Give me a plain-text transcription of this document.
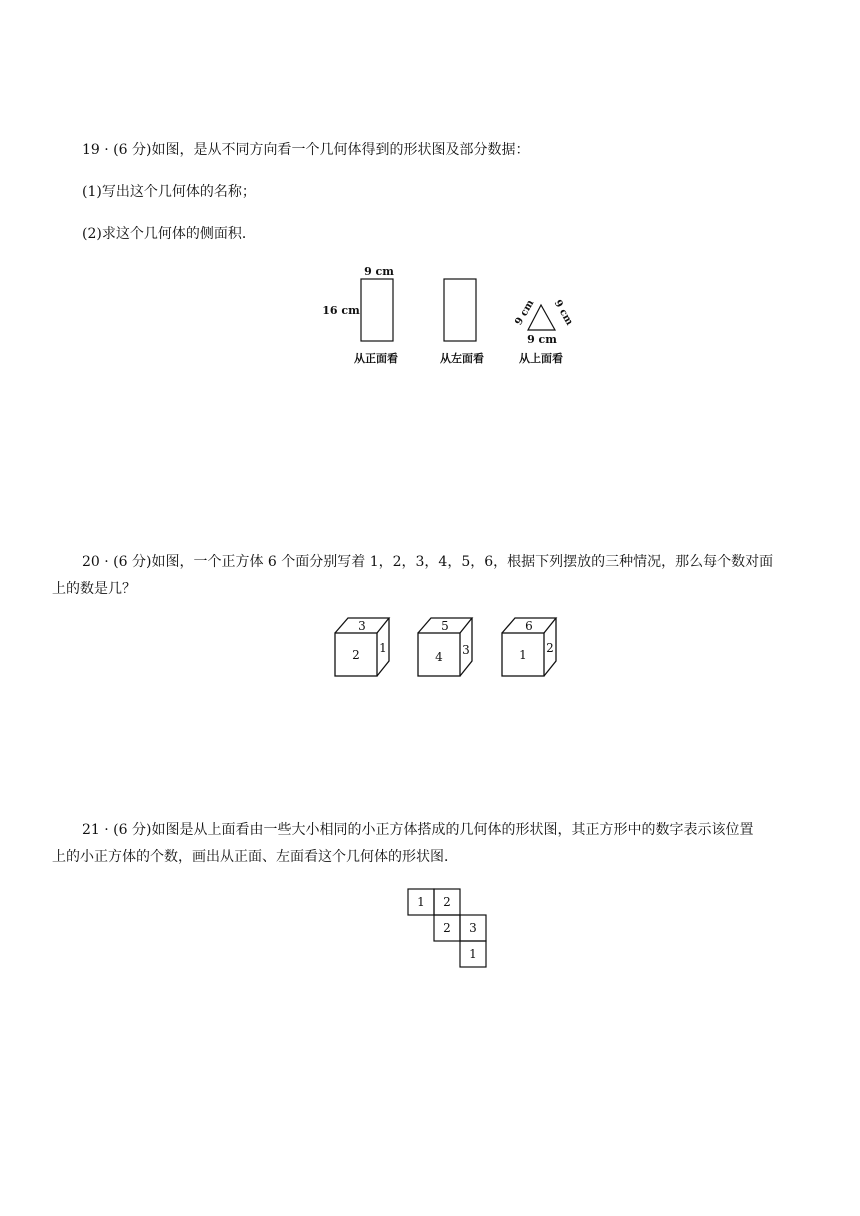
19 · (6 分)如图，是从不同方向看一个几何体得到的形状图及部分数据：
(1)写出这个几何体的名称；
(2)求这个几何体的侧面积．
9 cm
16 cm
从正面看	从左面看
9 cm 9 cm
9 cm
从上面看
20 · (6 分)如图，一个正方体 6 个面分别写着 1，2，3，4，5，6，根据下列摆放的三种情况，那么每个数对面
上的数是几？
3
2 1
5
4 3
6
1 2
21 · (6 分)如图是从上面看由一些大小相同的小正方体搭成的几何体的形状图，其正方形中的数字表示该位置
上的小正方体的个数，画出从正面、左面看这个几何体的形状图．
1 2
2 3
1
